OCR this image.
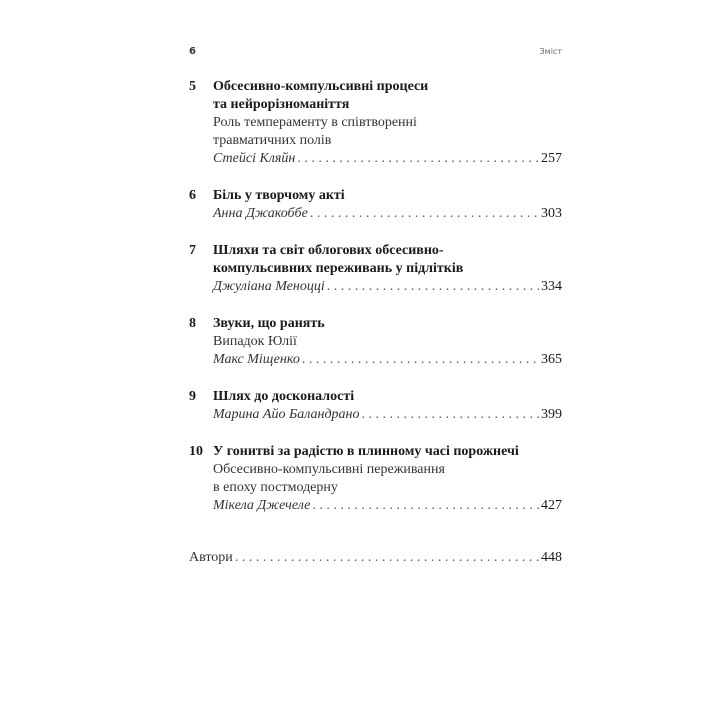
6	Зміст
5 Обсесивно-компульсивні процеси
та нейрорізноманіття
Роль темпераменту в співтворенні
травматичних полів
Стейсі Кляйн . . .	257
6 Біль у творчому акті
Анна Джакоббе . . .	303
7 Шляхи та світ облогових обсесивно-
компульсивних переживань у підлітків
Джуліана Меноцці . . .	334
8 Звуки, що ранять
Випадок Юлії
Макс Міщенко . . .	365
9 Шлях до досконалості
Марина Айо Баландрано . . .	399
10 У гонитві за радістю в плинному часі порожнечі
Обсесивно-компульсивні переживання
в епоху постмодерну
Мікела Джечеле . . .	427
Автори . . .	448
